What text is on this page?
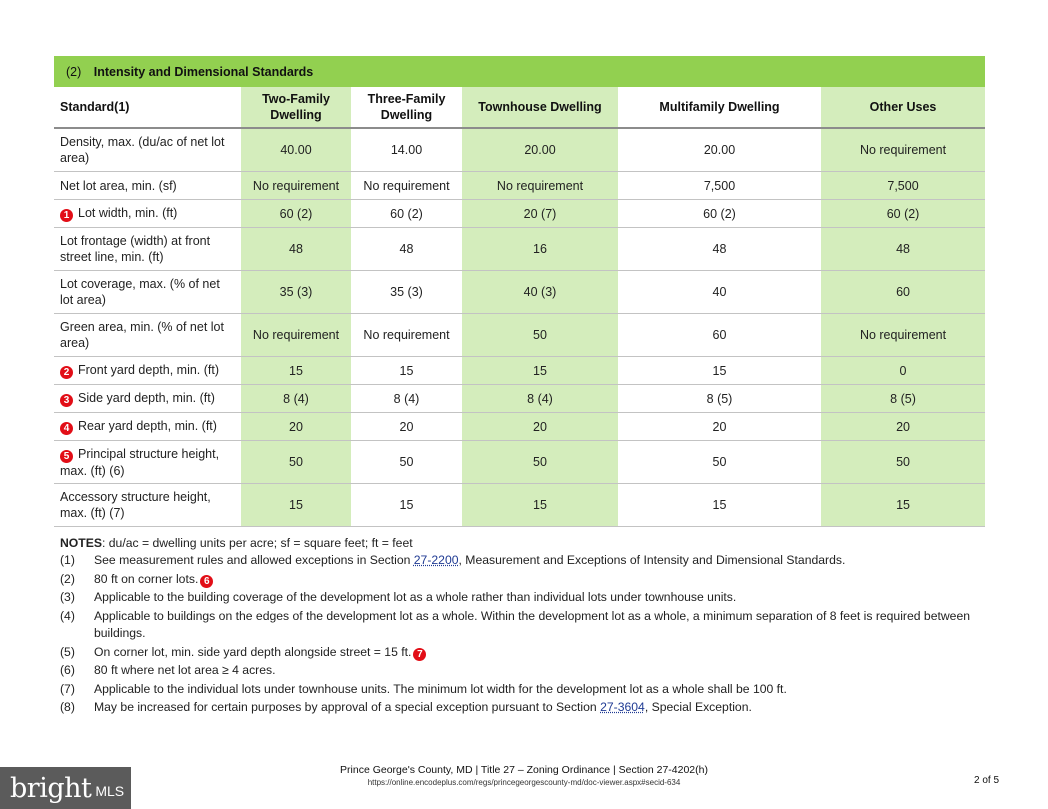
(2) Intensity and Dimensional Standards					
Standard(1)	Two-Family Dwelling	Three-Family Dwelling	Townhouse Dwelling	Multifamily Dwelling	Other Uses
Density, max. (du/ac of net lot area)	40.00	14.00	20.00	20.00	No requirement
Net lot area, min. (sf)	No requirement	No requirement	No requirement	7,500	7,500
1 Lot width, min. (ft)	60 (2)	60 (2)	20 (7)	60 (2)	60 (2)
Lot frontage (width) at front street line, min. (ft)	48	48	16	48	48
Lot coverage, max. (% of net lot area)	35 (3)	35 (3)	40 (3)	40	60
Green area, min. (% of net lot area)	No requirement	No requirement	50	60	No requirement
2 Front yard depth, min. (ft)	15	15	15	15	0
3 Side yard depth, min. (ft)	8 (4)	8 (4)	8 (4)	8 (5)	8 (5)
4 Rear yard depth, min. (ft)	20	20	20	20	20
5 Principal structure height, max. (ft) (6)	50	50	50	50	50
Accessory structure height, max. (ft) (7)	15	15	15	15	15
NOTES: du/ac = dwelling units per acre; sf = square feet; ft = feet
(1) See measurement rules and allowed exceptions in Section 27-2200, Measurement and Exceptions of Intensity and Dimensional Standards.
(2) 80 ft on corner lots. 6
(3) Applicable to the building coverage of the development lot as a whole rather than individual lots under townhouse units.
(4) Applicable to buildings on the edges of the development lot as a whole. Within the development lot as a whole, a minimum separation of 8 feet is required between buildings.
(5) On corner lot, min. side yard depth alongside street = 15 ft. 7
(6) 80 ft where net lot area ≥ 4 acres.
(7) Applicable to the individual lots under townhouse units. The minimum lot width for the development lot as a whole shall be 100 ft.
(8) May be increased for certain purposes by approval of a special exception pursuant to Section 27-3604, Special Exception.
Prince George's County, MD | Title 27 – Zoning Ordinance | Section 27-4202(h)
https://online.encodeplus.com/regs/princegeorgescounty-md/doc-viewer.aspx#secid-634	2 of 5
bright MLS
